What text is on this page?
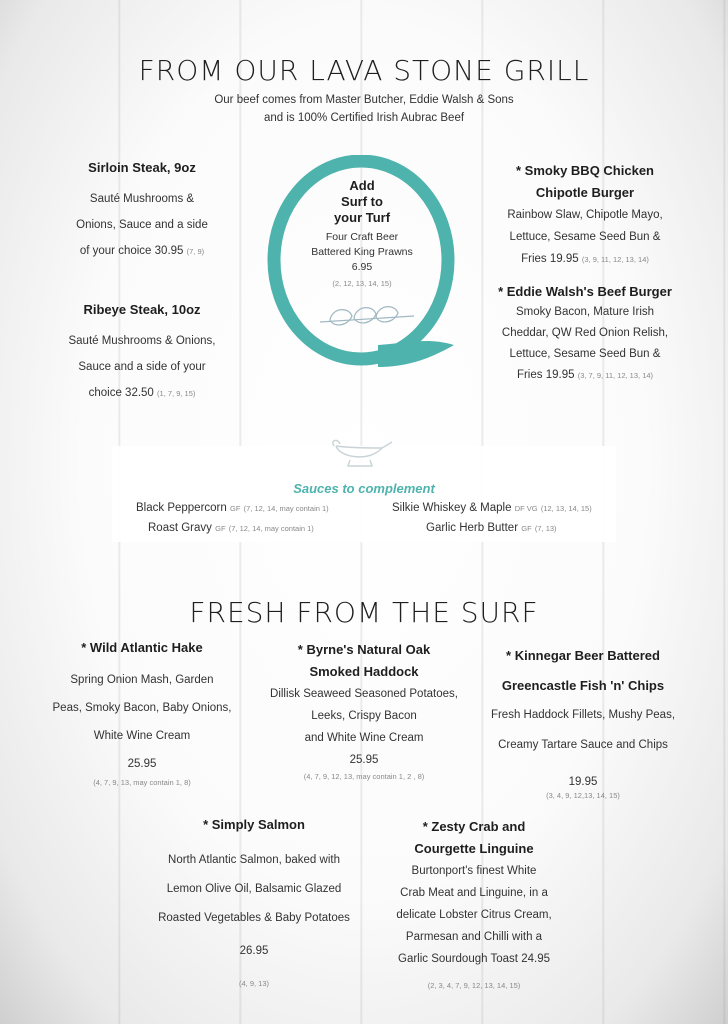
FROM OUR LAVA STONE GRILL
Our beef comes from Master Butcher, Eddie Walsh & Sons
and is 100% Certified Irish Aubrac Beef
Sirloin Steak, 9oz
Sauté Mushrooms &
Onions, Sauce and a side
of your choice 30.95 (7, 9)
Ribeye Steak, 10oz
Sauté Mushrooms & Onions,
Sauce and a side of your
choice 32.50 (1, 7, 9, 15)
Add
Surf to
your Turf
Four Craft Beer
Battered King Prawns
6.95
(2, 12, 13, 14, 15)
* Smoky BBQ Chicken
Chipotle Burger
Rainbow Slaw, Chipotle Mayo,
Lettuce, Sesame Seed Bun &
Fries 19.95 (3, 9, 11, 12, 13, 14)
* Eddie Walsh's Beef Burger
Smoky Bacon, Mature Irish
Cheddar, QW Red Onion Relish,
Lettuce, Sesame Seed Bun &
Fries 19.95 (3, 7, 9, 11, 12, 13, 14)
Sauces to complement
Black Peppercorn GF (7, 12, 14, may contain 1)	Silkie Whiskey & Maple DF VG (12, 13, 14, 15)
Roast Gravy GF (7, 12, 14, may contain 1)	Garlic Herb Butter GF (7, 13)
FRESH FROM THE SURF
* Wild Atlantic Hake
Spring Onion Mash, Garden
Peas, Smoky Bacon, Baby Onions,
White Wine Cream
25.95
(4, 7, 9, 13, may contain 1, 8)
* Byrne's Natural Oak
Smoked Haddock
Dillisk Seaweed Seasoned Potatoes,
Leeks, Crispy Bacon
and White Wine Cream
25.95
(4, 7, 9, 12, 13, may contain 1, 2 , 8)
* Kinnegar Beer Battered
Greencastle Fish 'n' Chips
Fresh Haddock Fillets, Mushy Peas,
Creamy Tartare Sauce and Chips
19.95
(3, 4, 9, 12,13, 14, 15)
* Simply Salmon
North Atlantic Salmon, baked with
Lemon Olive Oil, Balsamic Glazed
Roasted Vegetables & Baby Potatoes
26.95
(4, 9, 13)
* Zesty Crab and
Courgette Linguine
Burtonport's finest White
Crab Meat and Linguine, in a
delicate Lobster Citrus Cream,
Parmesan and Chilli with a
Garlic Sourdough Toast 24.95
(2, 3, 4, 7, 9, 12, 13, 14, 15)
